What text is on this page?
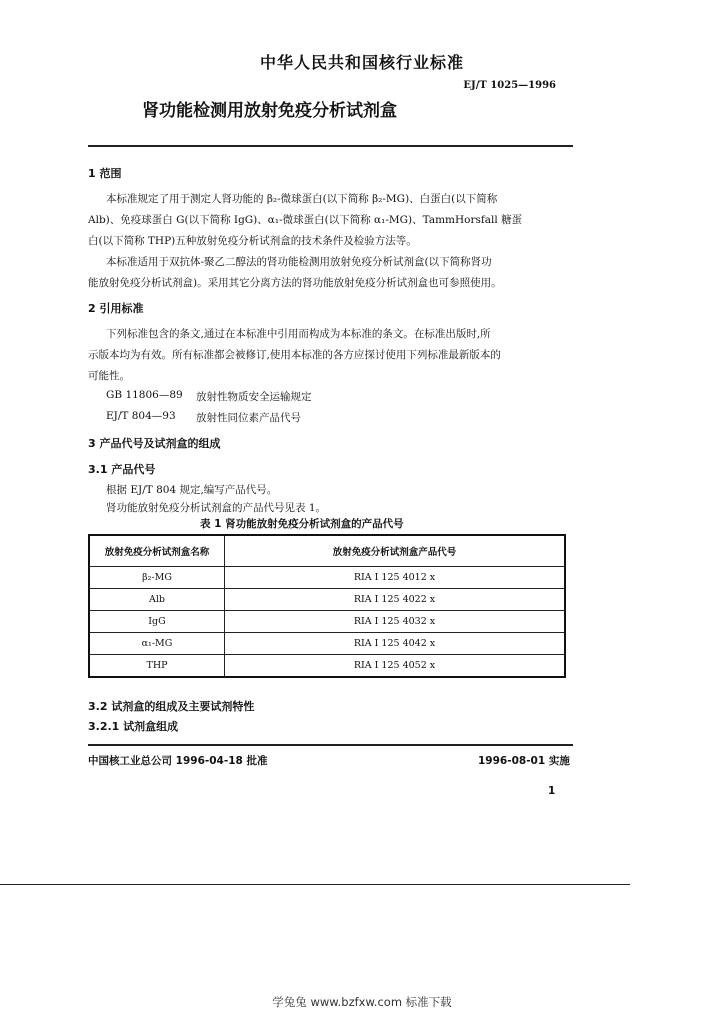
中华人民共和国核行业标准
EJ/T 1025—1996
肾功能检测用放射免疫分析试剂盒
1 范围
本标准规定了用于测定人肾功能的 β₂-微球蛋白(以下简称 β₂-MG)、白蛋白(以下简称
Alb)、免疫球蛋白 G(以下简称 IgG)、α₁-微球蛋白(以下简称 α₁-MG)、TammHorsfall 糖蛋
白(以下简称 THP)五种放射免疫分析试剂盒的技术条件及检验方法等。
本标准适用于双抗体-聚乙二醇法的肾功能检测用放射免疫分析试剂盒(以下简称肾功
能放射免疫分析试剂盒)。采用其它分离方法的肾功能放射免疫分析试剂盒也可参照使用。
2 引用标准
下列标准包含的条文,通过在本标准中引用而构成为本标准的条文。在标准出版时,所
示版本均为有效。所有标准都会被修订,使用本标准的各方应探讨使用下列标准最新版本的
可能性。
GB 11806—89 放射性物质安全运输规定
EJ/T 804—93 放射性同位素产品代号
3 产品代号及试剂盒的组成
3.1 产品代号
根据 EJ/T 804 规定,编写产品代号。
肾功能放射免疫分析试剂盒的产品代号见表 1。
表 1 肾功能放射免疫分析试剂盒的产品代号
放射免疫分析试剂盒名称	放射免疫分析试剂盒产品代号
β₂-MG	RIA I 125 4012 x
Alb	RIA I 125 4022 x
IgG	RIA I 125 4032 x
α₁-MG	RIA I 125 4042 x
THP	RIA I 125 4052 x
3.2 试剂盒的组成及主要试剂特性
3.2.1 试剂盒组成
中国核工业总公司 1996-04-18 批准	1996-08-01 实施
1
学兔兔 www.bzfxw.com 标准下载
